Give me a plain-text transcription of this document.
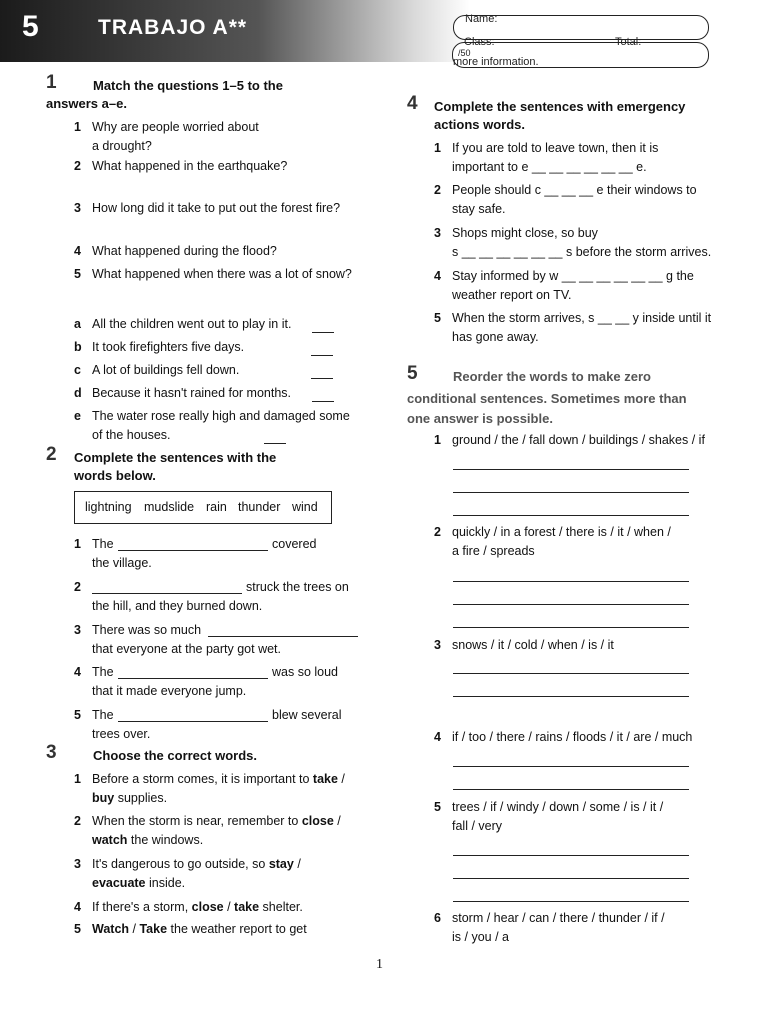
5	TRABAJO A**	Name:
Class:	Total:
/50
more information.
1	Match the questions 1–5 to the
answers a–e.
1 Why are people worried about
a drought?
2 What happened in the earthquake?
3 How long did it take to put out the forest fire?
4 What happened during the flood?
5 What happened when there was a lot of snow?
a All the children went out to play in it.
b It took firefighters five days.
c A lot of buildings fell down.
d Because it hasn't rained for months.
e The water rose really high and damaged some
of the houses.
2 Complete the sentences with the
words below.
lightning mudslide rain thunder wind
1 The	covered
the village.
2	struck the trees on
the hill, and they burned down.
3 There was so much
that everyone at the party got wet.
4 The	was so loud
that it made everyone jump.
5 The	blew several
trees over.
3	Choose the correct words.
1 Before a storm comes, it is important to take /
buy supplies.
2 When the storm is near, remember to close /
watch the windows.
3 It's dangerous to go outside, so stay /
evacuate inside.
4 If there's a storm, close / take shelter.
5 Watch / Take the weather report to get
4 Complete the sentences with emergency
actions words.
1 If you are told to leave town, then it is
important to e __ __ __ __ __ __ e.
2 People should c __ __ __ e their windows to
stay safe.
3 Shops might close, so buy
s __ __ __ __ __ __ s before the storm arrives.
4 Stay informed by w __ __ __ __ __ __ g the
weather report on TV.
5 When the storm arrives, s __ __ y inside until it
has gone away.
5	Reorder the words to make zero
conditional sentences. Sometimes more than
one answer is possible.
1 ground / the / fall down / buildings / shakes / if
2 quickly / in a forest / there is / it / when /
a fire / spreads
3 snows / it / cold / when / is / it
4 if / too / there / rains / floods / it / are / much
5 trees / if / windy / down / some / is / it /
fall / very
6 storm / hear / can / there / thunder / if /
is / you / a
1
